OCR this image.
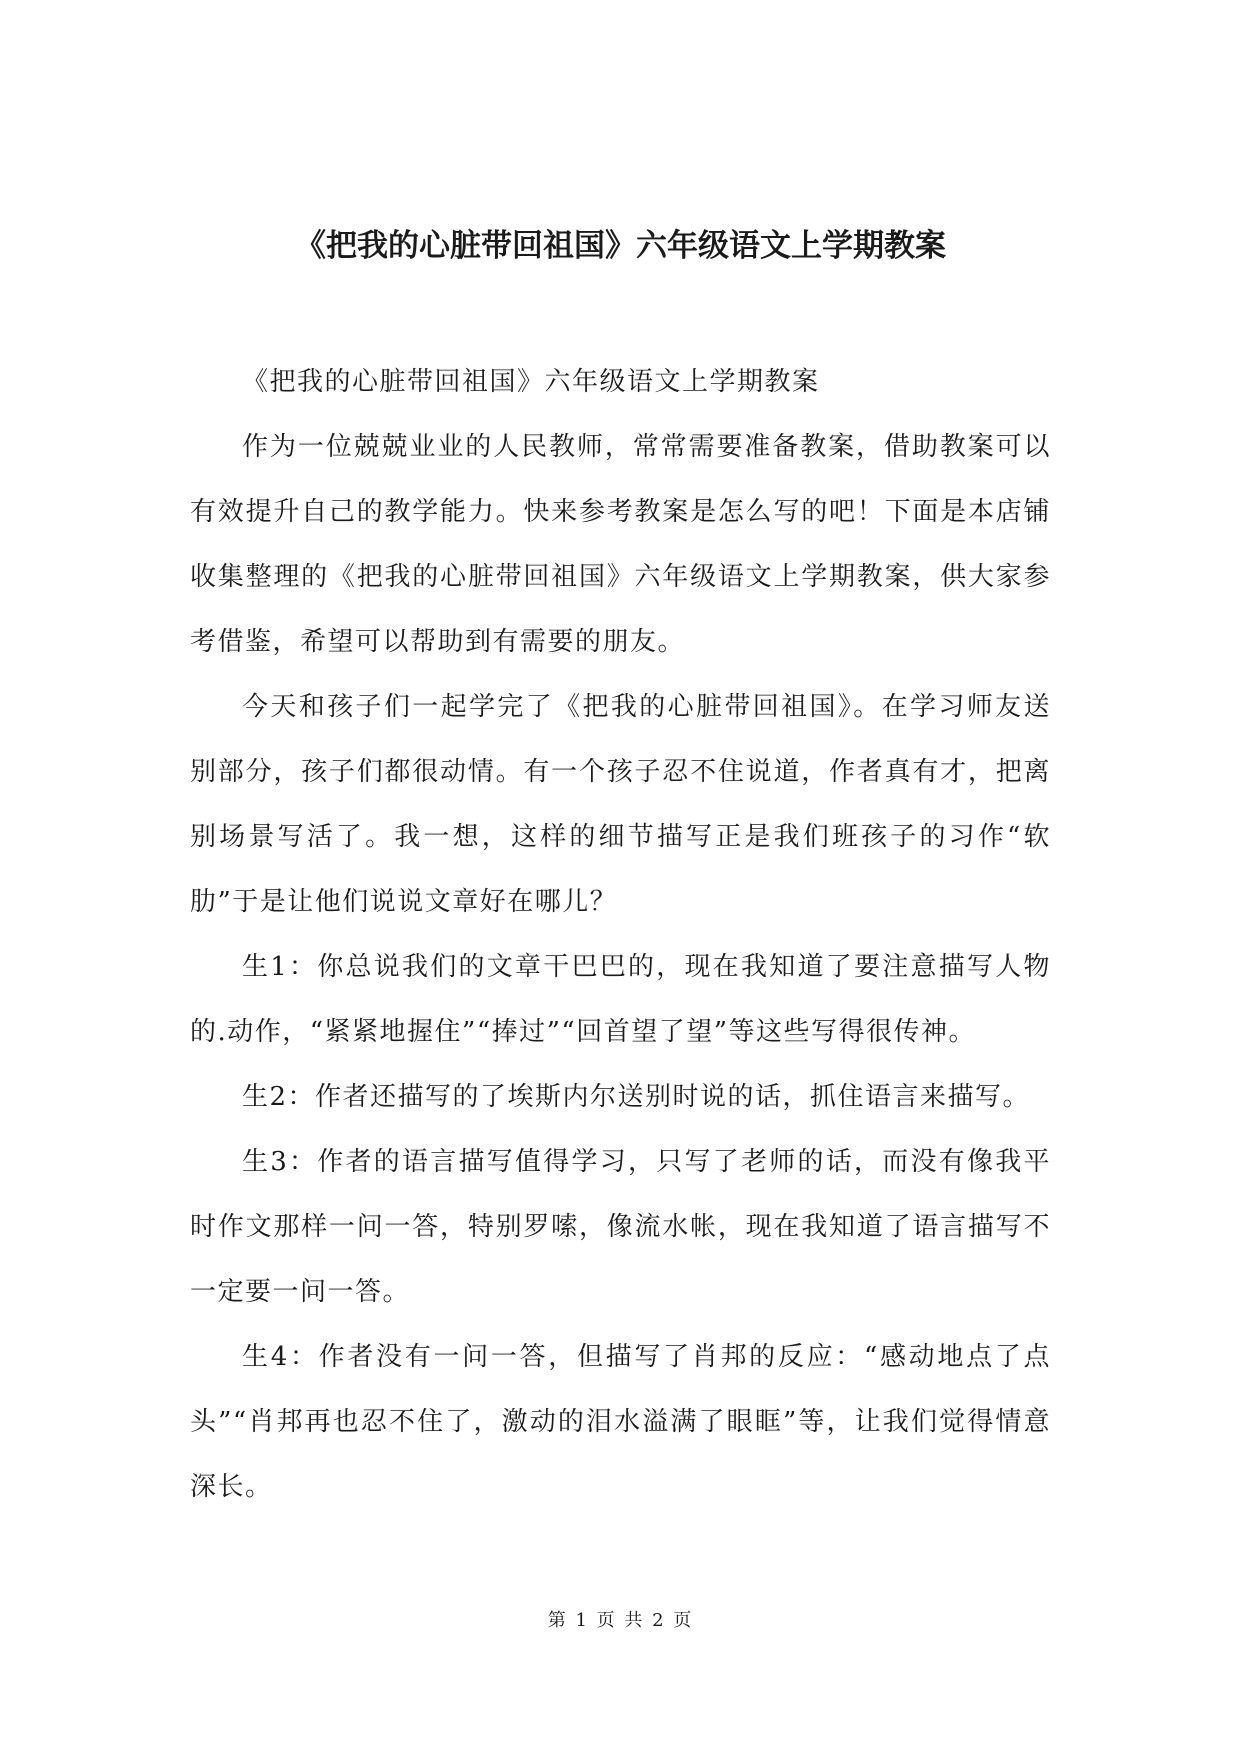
《把我的心脏带回祖国》六年级语文上学期教案

《把我的心脏带回祖国》六年级语文上学期教案

作为一位兢兢业业的人民教师，常常需要准备教案，借助教案可以有效提升自己的教学能力。快来参考教案是怎么写的吧！下面是本店铺收集整理的《把我的心脏带回祖国》六年级语文上学期教案，供大家参考借鉴，希望可以帮助到有需要的朋友。

今天和孩子们一起学完了《把我的心脏带回祖国》。在学习师友送别部分，孩子们都很动情。有一个孩子忍不住说道，作者真有才，把离别场景写活了。我一想，这样的细节描写正是我们班孩子的习作“软肋”于是让他们说说文章好在哪儿？

生1：你总说我们的文章干巴巴的，现在我知道了要注意描写人物的.动作，“紧紧地握住”“捧过”“回首望了望”等这些写得很传神。

生2：作者还描写的了埃斯内尔送别时说的话，抓住语言来描写。

生3：作者的语言描写值得学习，只写了老师的话，而没有像我平时作文那样一问一答，特别罗嗦，像流水帐，现在我知道了语言描写不一定要一问一答。

生4：作者没有一问一答，但描写了肖邦的反应：“感动地点了点头”“肖邦再也忍不住了，激动的泪水溢满了眼眶”等，让我们觉得情意深长。

第 1 页 共 2 页
